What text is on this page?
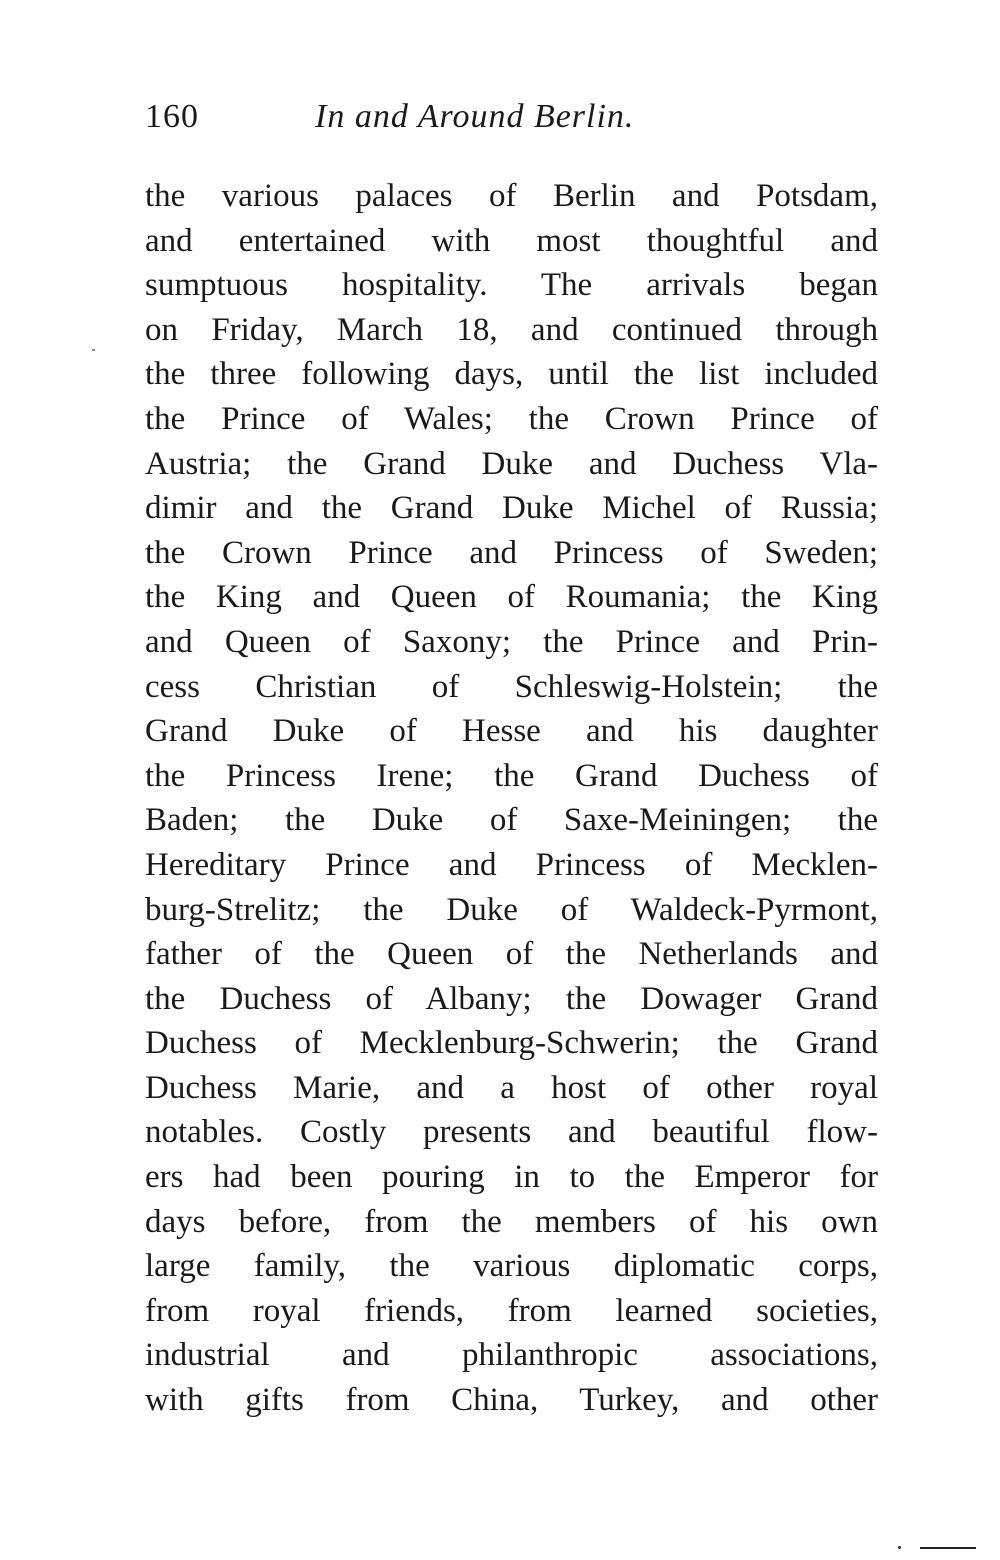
160	In and Around Berlin.
the various palaces of Berlin and Potsdam,
and entertained with most thoughtful and
sumptuous hospitality. The arrivals began
on Friday, March 18, and continued through
the three following days, until the list included
the Prince of Wales; the Crown Prince of
Austria; the Grand Duke and Duchess Vla-
dimir and the Grand Duke Michel of Russia;
the Crown Prince and Princess of Sweden;
the King and Queen of Roumania; the King
and Queen of Saxony; the Prince and Prin-
cess Christian of Schleswig-Holstein; the
Grand Duke of Hesse and his daughter
the Princess Irene; the Grand Duchess of
Baden; the Duke of Saxe-Meiningen; the
Hereditary Prince and Princess of Mecklen-
burg-Strelitz; the Duke of Waldeck-Pyrmont,
father of the Queen of the Netherlands and
the Duchess of Albany; the Dowager Grand
Duchess of Mecklenburg-Schwerin; the Grand
Duchess Marie, and a host of other royal
notables. Costly presents and beautiful flow-
ers had been pouring in to the Emperor for
days before, from the members of his own
large family, the various diplomatic corps,
from royal friends, from learned societies,
industrial and philanthropic associations,
with gifts from China, Turkey, and other
